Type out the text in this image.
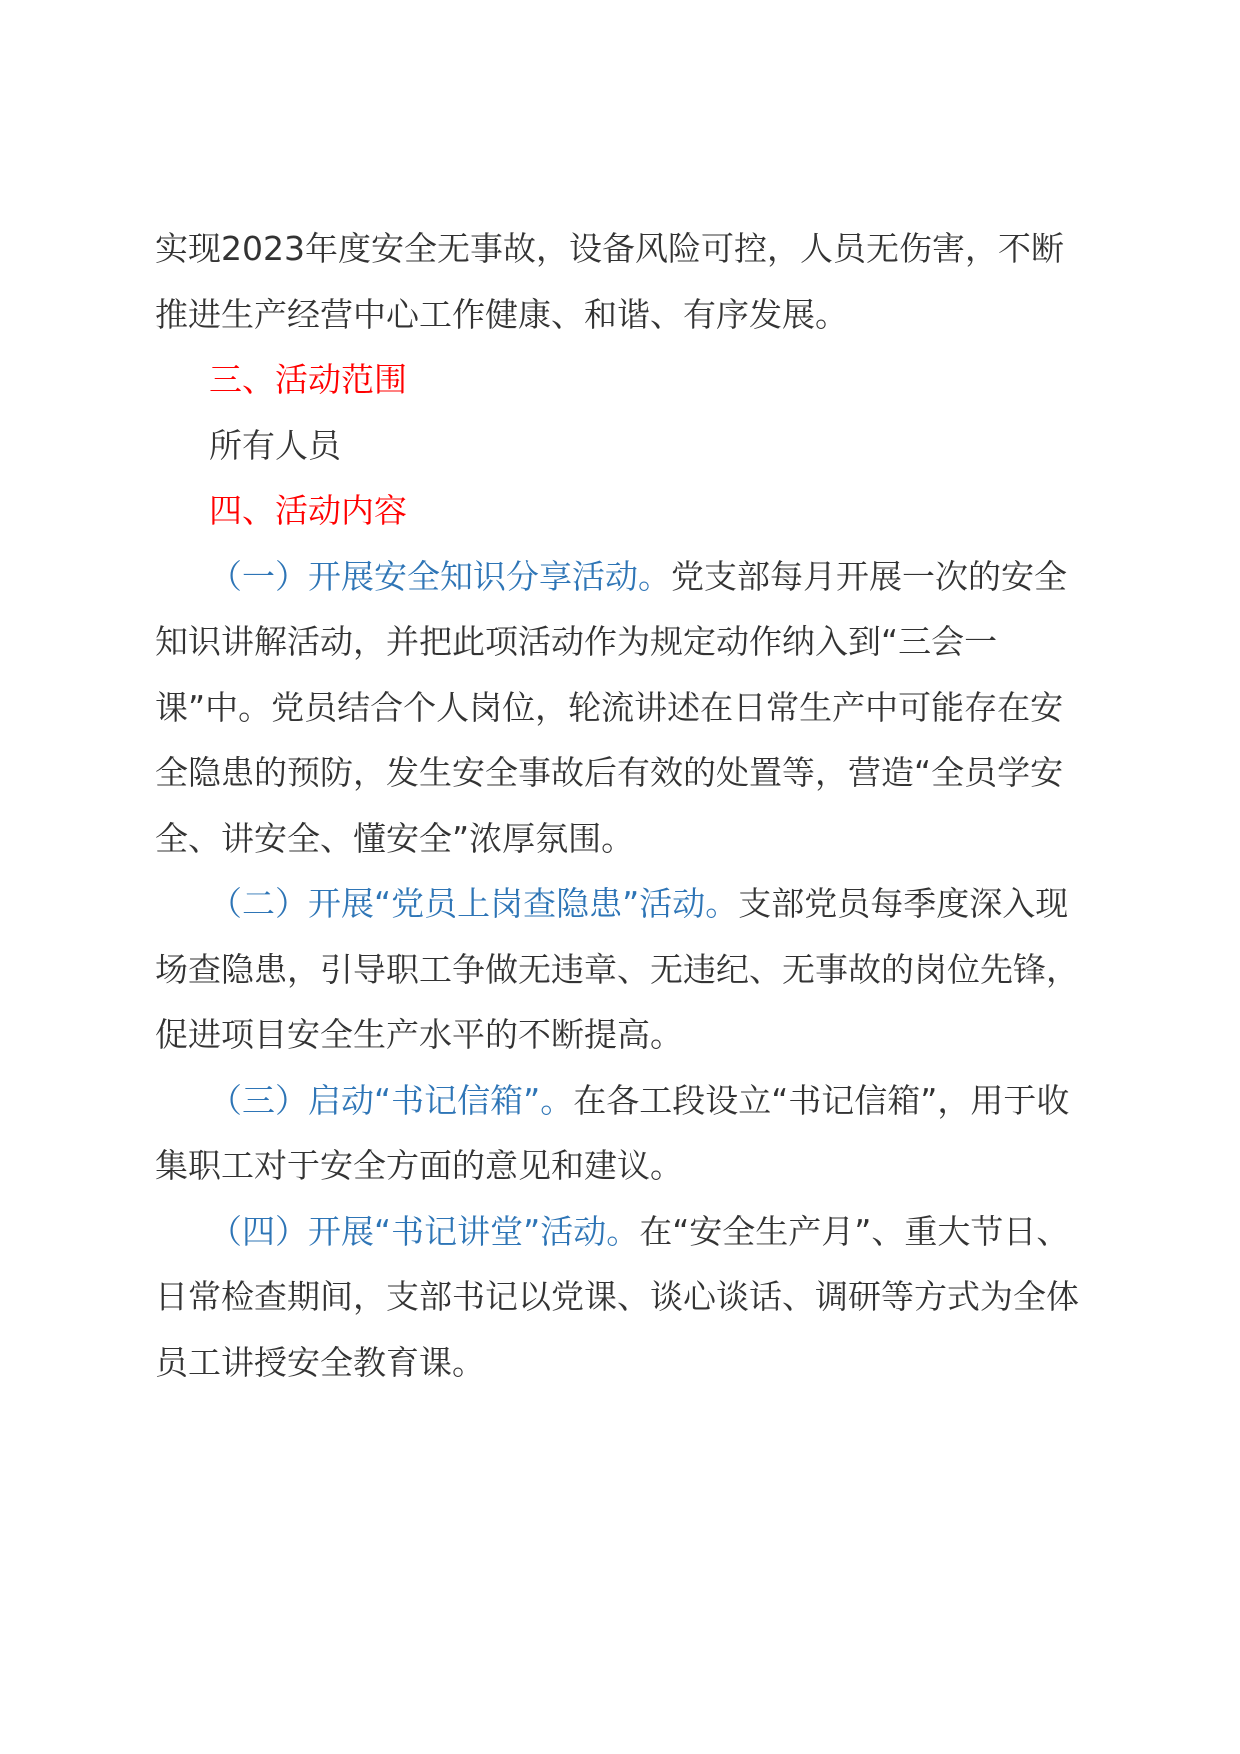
实现2023年度安全无事故，设备风险可控，人员无伤害，不断推进生产经营中心工作健康、和谐、有序发展。

三、活动范围

所有人员

四、活动内容

（一）开展安全知识分享活动。党支部每月开展一次的安全知识讲解活动，并把此项活动作为规定动作纳入到“三会一课”中。党员结合个人岗位，轮流讲述在日常生产中可能存在安全隐患的预防，发生安全事故后有效的处置等，营造“全员学安全、讲安全、懂安全”浓厚氛围。

（二）开展“党员上岗查隐患”活动。支部党员每季度深入现场查隐患，引导职工争做无违章、无违纪、无事故的岗位先锋，促进项目安全生产水平的不断提高。

（三）启动“书记信箱”。在各工段设立“书记信箱”，用于收集职工对于安全方面的意见和建议。

（四）开展“书记讲堂”活动。在“安全生产月”、重大节日、日常检查期间，支部书记以党课、谈心谈话、调研等方式为全体员工讲授安全教育课。
